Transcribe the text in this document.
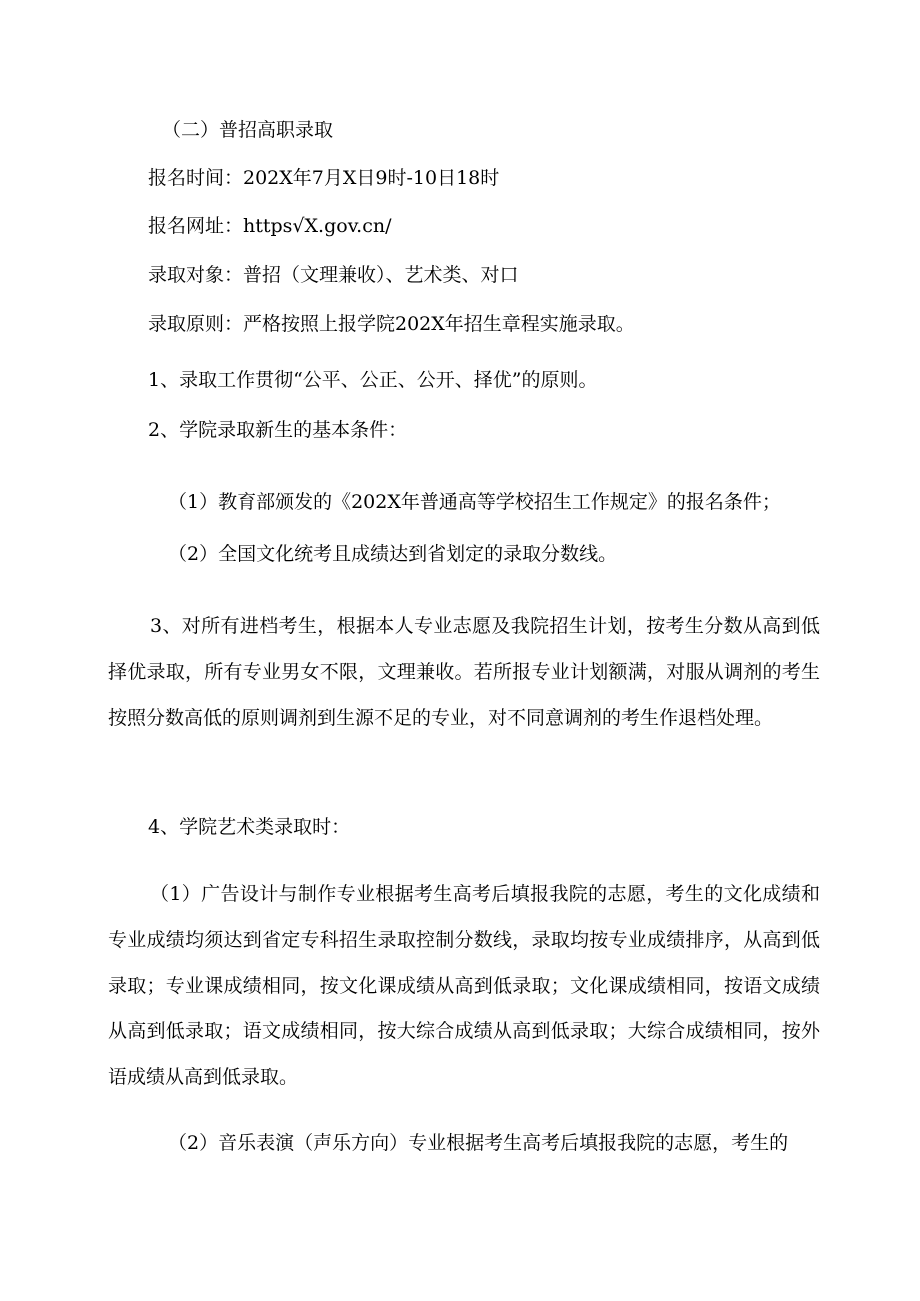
（二）普招高职录取
报名时间：202X年7月X日9时-10日18时
报名网址：https√X.gov.cn/
录取对象：普招（文理兼收）、艺术类、对口
录取原则：严格按照上报学院202X年招生章程实施录取。
1、录取工作贯彻“公平、公正、公开、择优”的原则。
2、学院录取新生的基本条件：
（1）教育部颁发的《202X年普通高等学校招生工作规定》的报名条件；
（2）全国文化统考且成绩达到省划定的录取分数线。
3、对所有进档考生，根据本人专业志愿及我院招生计划，按考生分数从高到低择优录取，所有专业男女不限，文理兼收。若所报专业计划额满，对服从调剂的考生按照分数高低的原则调剂到生源不足的专业，对不同意调剂的考生作退档处理。
4、学院艺术类录取时：
（1）广告设计与制作专业根据考生高考后填报我院的志愿，考生的文化成绩和专业成绩均须达到省定专科招生录取控制分数线，录取均按专业成绩排序，从高到低录取；专业课成绩相同，按文化课成绩从高到低录取；文化课成绩相同，按语文成绩从高到低录取；语文成绩相同，按大综合成绩从高到低录取；大综合成绩相同，按外语成绩从高到低录取。
（2）音乐表演（声乐方向）专业根据考生高考后填报我院的志愿，考生的
